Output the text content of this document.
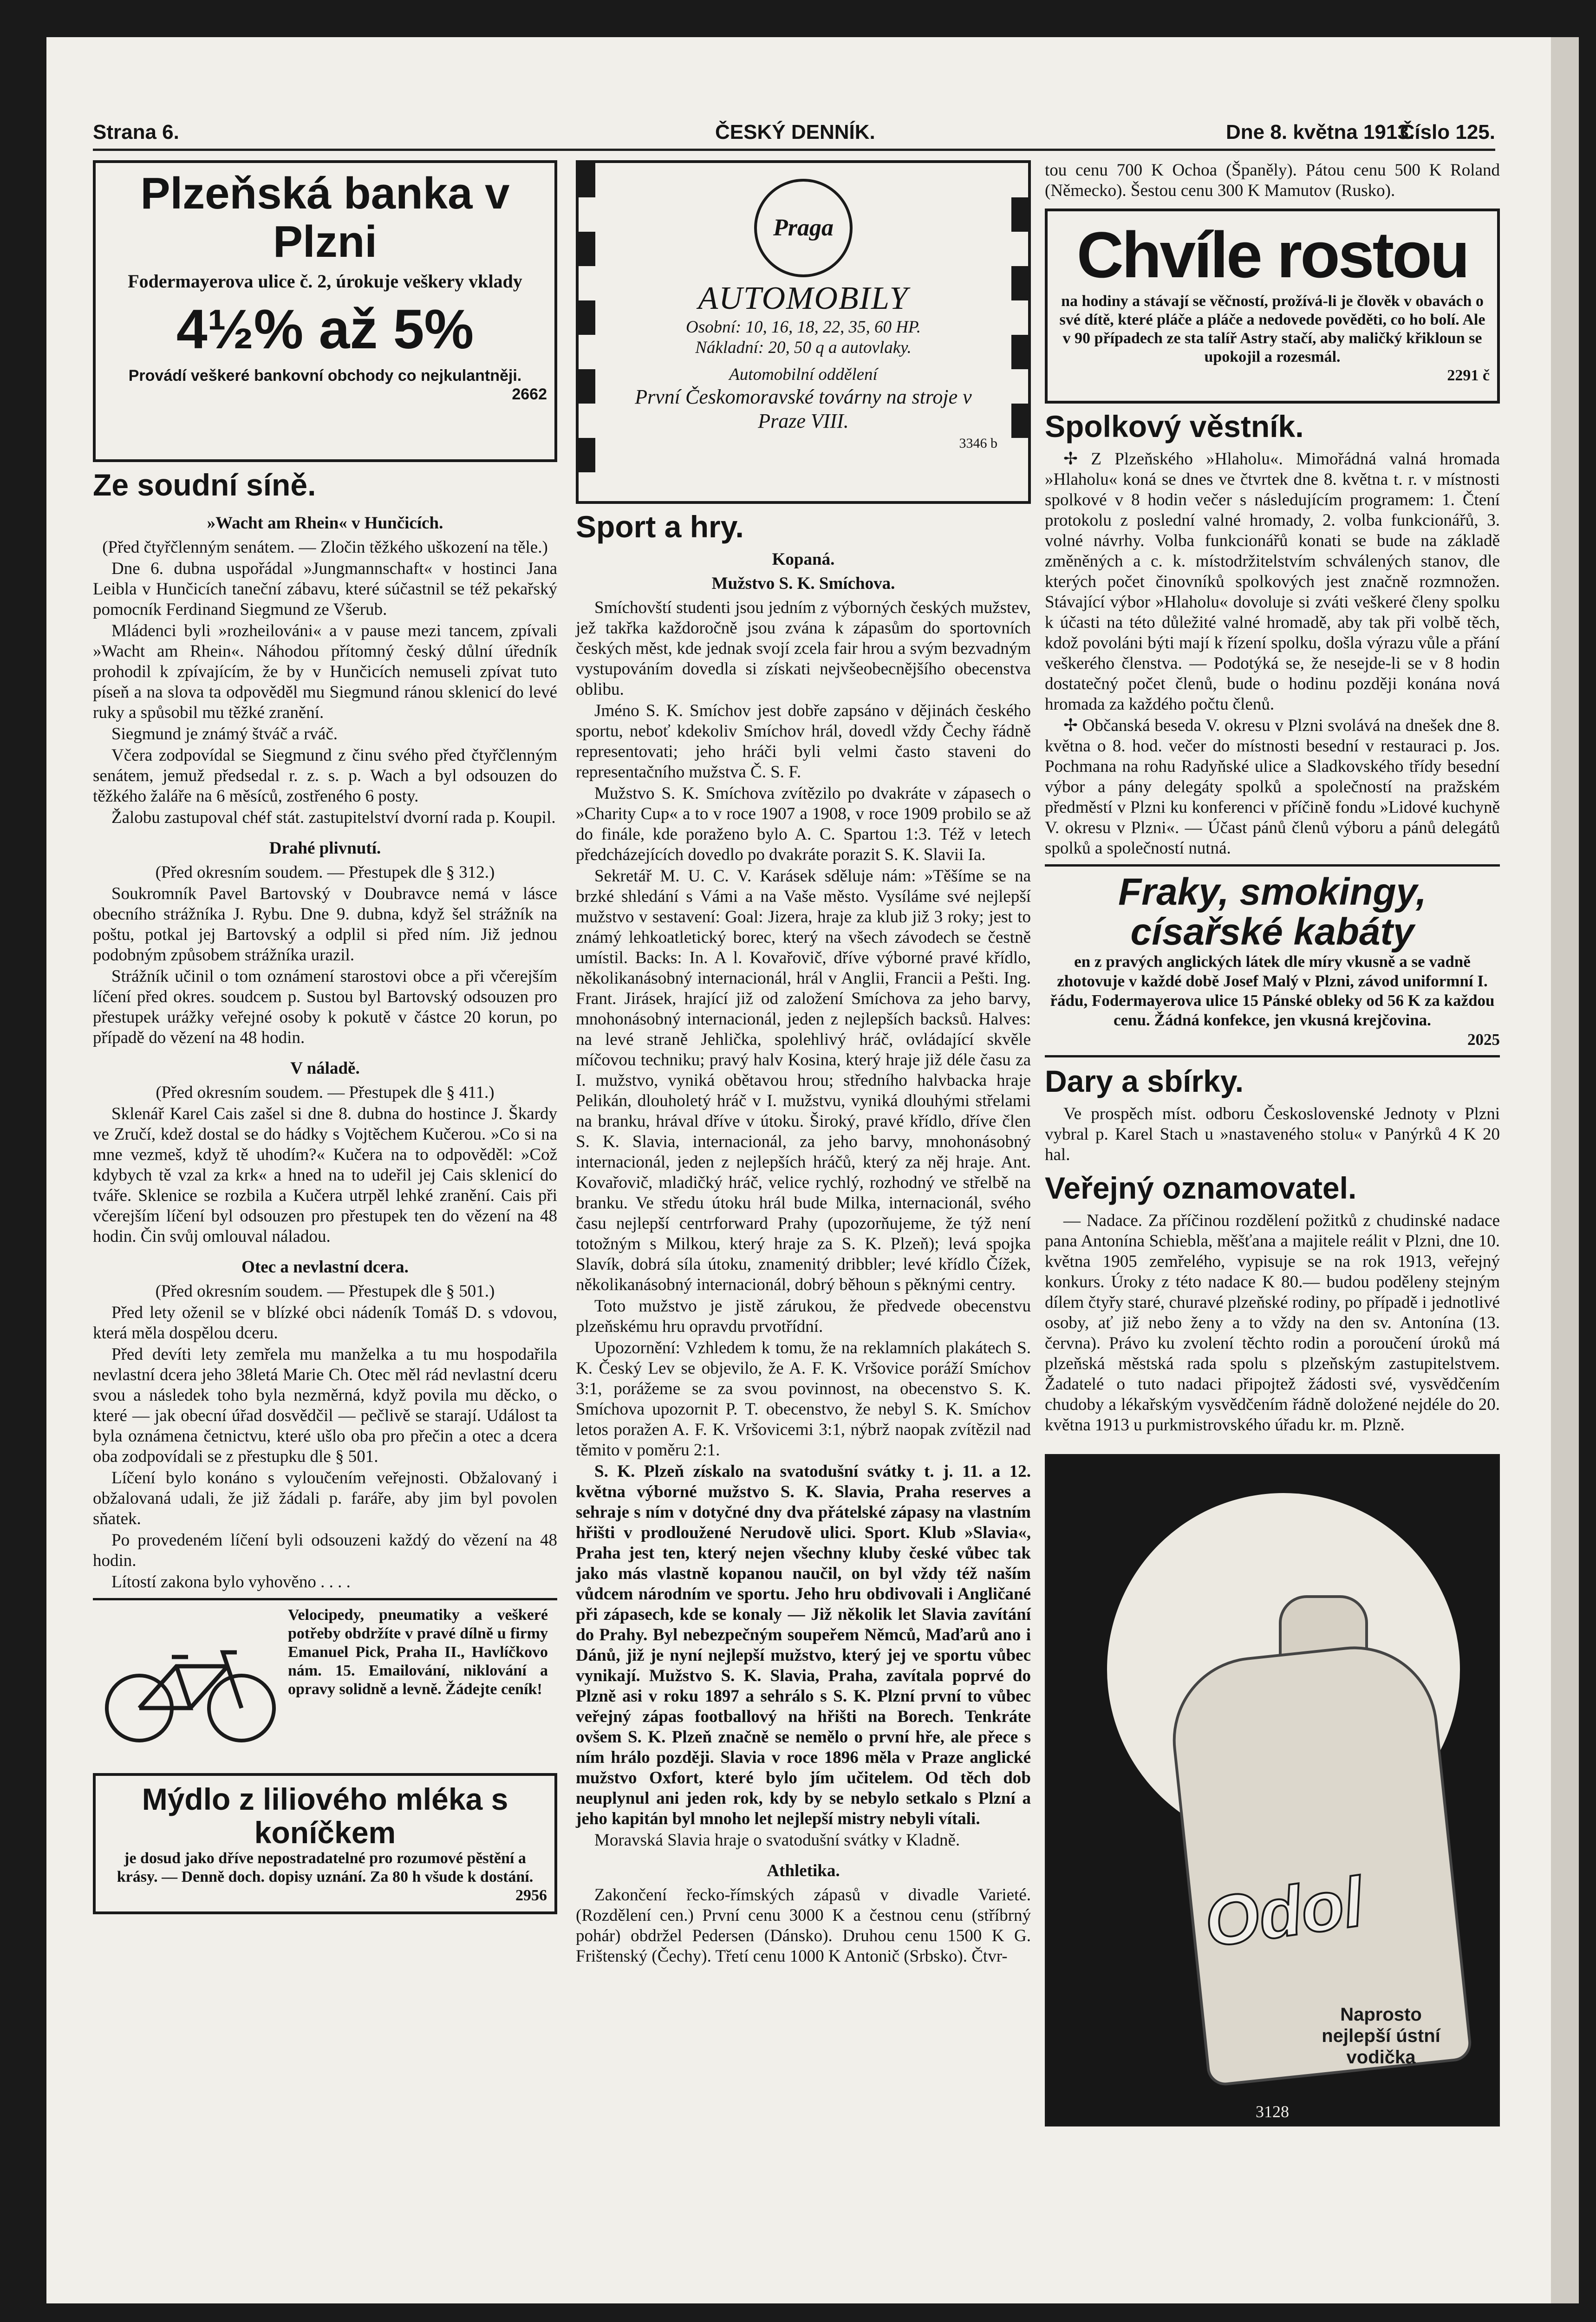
Strana 6.	ČESKÝ DENNÍK.	Dne 8. května 1913.
Číslo 125.
Plzeňská banka v Plzni
Fodermayerova ulice č. 2, úrokuje veškery vklady
4½% až 5%
Provádí veškeré bankovní obchody co nejkulantněji.
2662
Ze soudní síně.

»Wacht am Rhein« v Hunčicích.

(Před čtyřčlenným senátem. — Zločin těžkého uškození na těle.)

Dne 6. dubna uspořádal »Jungmannschaft« v hostinci Jana Leibla v Hunčicích taneční zábavu, které súčastnil se též pekařský pomocník Ferdinand Siegmund ze Všerub.

Mládenci byli »rozheilováni« a v pause mezi tancem, zpívali »Wacht am Rhein«. Náhodou přítomný český důlní úředník prohodil k zpívajícím, že by v Hunčicích nemuseli zpívat tuto píseň a na slova ta odpověděl mu Siegmund ránou sklenicí do levé ruky a spůsobil mu těžké zranění.

Siegmund je známý štváč a rváč.

Včera zodpovídal se Siegmund z činu svého před čtyřčlenným senátem, jemuž předsedal r. z. s. p. Wach a byl odsouzen do těžkého žaláře na 6 měsíců, zostřeného 6 posty.

Žalobu zastupoval chéf stát. zastupitelství dvorní rada p. Koupil.

Drahé plivnutí.

(Před okresním soudem. — Přestupek dle § 312.)

Soukromník Pavel Bartovský v Doubravce nemá v lásce obecního strážníka J. Rybu. Dne 9. dubna, když šel strážník na poštu, potkal jej Bartovský a odplil si před ním. Již jednou podobným způsobem strážníka urazil.

Strážník učinil o tom oznámení starostovi obce a při včerejším líčení před okres. soudcem p. Sustou byl Bartovský odsouzen pro přestupek urážky veřejné osoby k pokutě v částce 20 korun, po případě do vězení na 48 hodin.

V náladě.

(Před okresním soudem. — Přestupek dle § 411.)

Sklenář Karel Cais zašel si dne 8. dubna do hostince J. Škardy ve Zručí, kdež dostal se do hádky s Vojtěchem Kučerou. »Co si na mne vezmeš, když tě uhodím?« Kučera na to odpověděl: »Což kdybych tě vzal za krk« a hned na to udeřil jej Cais sklenicí do tváře. Sklenice se rozbila a Kučera utrpěl lehké zranění. Cais při včerejším líčení byl odsouzen pro přestupek ten do vězení na 48 hodin. Čin svůj omlouval náladou.

Otec a nevlastní dcera.

(Před okresním soudem. — Přestupek dle § 501.)

Před lety oženil se v blízké obci nádeník Tomáš D. s vdovou, která měla dospělou dceru.

Před devíti lety zemřela mu manželka a tu mu hospodařila nevlastní dcera jeho 38letá Marie Ch. Otec měl rád nevlastní dceru svou a následek toho byla nezměrná, když povila mu děcko, o které — jak obecní úřad dosvědčil — pečlivě se starají. Událost ta byla oznámena četnictvu, které ušlo oba pro přečin a otec a dcera oba zodpovídali se z přestupku dle § 501.

Líčení bylo konáno s vyloučením veřejnosti. Obžalovaný i obžalovaná udali, že již žádali p. faráře, aby jim byl povolen sňatek.

Po provedeném líčení byli odsouzeni každý do vězení na 48 hodin.

Lítostí zakona bylo vyhověno . . . .

Velocipedy, pneumatiky a veškeré potřeby obdržíte v pravé dílně u firmy Emanuel Pick, Praha II., Havlíčkovo nám. 15. Emailování, niklování a opravy solidně a levně. Žádejte ceník!
Mýdlo z liliového mléka s koníčkem
je dosud jako dříve nepostradatelné pro rozumové pěstění a krásy. — Denně doch. dopisy uznání. Za 80 h všude k dostání.
2956
Praga
AUTOMOBILY
Osobní: 10, 16, 18, 22, 35, 60 HP.
Nákladní: 20, 50 q a autovlaky.
Automobilní oddělení
První Českomoravské továrny na stroje v Praze VIII.
3346 b
Sport a hry.

Kopaná.

Mužstvo S. K. Smíchova.

Smíchovští studenti jsou jedním z výborných českých mužstev, jež takřka každoročně jsou zvána k zápasům do sportovních českých měst, kde jednak svojí zcela fair hrou a svým bezvadným vystupováním dovedla si získati nejvšeobecnějšího obecenstva oblibu.

Jméno S. K. Smíchov jest dobře zapsáno v dějinách českého sportu, neboť kdekoliv Smíchov hrál, dovedl vždy Čechy řádně representovati; jeho hráči byli velmi často staveni do representačního mužstva Č. S. F.

Mužstvo S. K. Smíchova zvítězilo po dvakráte v zápasech o »Charity Cup« a to v roce 1907 a 1908, v roce 1909 probilo se až do finále, kde poraženo bylo A. C. Spartou 1:3. Též v letech předcházejících dovedlo po dvakráte porazit S. K. Slavii Ia.

Sekretář M. U. C. V. Karásek sděluje nám: »Těšíme se na brzké shledání s Vámi a na Vaše město. Vysíláme své nejlepší mužstvo v sestavení: Goal: Jizera, hraje za klub již 3 roky; jest to známý lehkoatletický borec, který na všech závodech se čestně umístil. Backs: In. A l. Kovařovič, dříve výborné pravé křídlo, několikanásobný internacionál, hrál v Anglii, Francii a Pešti. Ing. Frant. Jirásek, hrající již od založení Smíchova za jeho barvy, mnohonásobný internacionál, jeden z nejlepších backsů. Halves: na levé straně Jehlička, spolehlivý hráč, ovládající skvěle míčovou techniku; pravý halv Kosina, který hraje již déle času za I. mužstvo, vyniká obětavou hrou; středního halvbacka hraje Pelikán, dlouholetý hráč v I. mužstvu, vyniká dlouhými střelami na branku, hrával dříve v útoku. Široký, pravé křídlo, dříve člen S. K. Slavia, internacionál, za jeho barvy, mnohonásobný internacionál, jeden z nejlepších hráčů, který za něj hraje. Ant. Kovařovič, mladičký hráč, velice rychlý, rozhodný ve střelbě na branku. Ve středu útoku hrál bude Milka, internacionál, svého času nejlepší centrforward Prahy (upozorňujeme, že týž není totožným s Milkou, který hraje za S. K. Plzeň); levá spojka Slavík, dobrá síla útoku, znamenitý dribbler; levé křídlo Čížek, několikanásobný internacionál, dobrý běhoun s pěknými centry.

Toto mužstvo je jistě zárukou, že předvede obecenstvu plzeňskému hru opravdu prvotřídní.

Upozornění: Vzhledem k tomu, že na reklamních plakátech S. K. Český Lev se objevilo, že A. F. K. Vršovice poráží Smíchov 3:1, porážeme se za svou povinnost, na obecenstvo S. K. Smíchova upozornit P. T. obecenstvo, že nebyl S. K. Smíchov letos poražen A. F. K. Vršovicemi 3:1, nýbrž naopak zvítězil nad těmito v poměru 2:1.

S. K. Plzeň získalo na svatodušní svátky t. j. 11. a 12. května výborné mužstvo S. K. Slavia, Praha reserves a sehraje s ním v dotyčné dny dva přátelské zápasy na vlastním hřišti v prodloužené Nerudově ulici. Sport. Klub »Slavia«, Praha jest ten, který nejen všechny kluby české vůbec tak jako más vlastně kopanou naučil, on byl vždy též naším vůdcem národním ve sportu. Jeho hru obdivovali i Angličané při zápasech, kde se konaly — Již několik let Slavia zavítání do Prahy. Byl nebezpečným soupeřem Němců, Maďarů ano i Dánů, již je nyní nejlepší mužstvo, který jej ve sportu vůbec vynikají. Mužstvo S. K. Slavia, Praha, zavítala poprvé do Plzně asi v roku 1897 a sehrálo s S. K. Plzní první to vůbec veřejný zápas footballový na hřišti na Borech. Tenkráte ovšem S. K. Plzeň značně se nemělo o první hře, ale přece s ním hrálo později. Slavia v roce 1896 měla v Praze anglické mužstvo Oxfort, které bylo jím učitelem. Od těch dob neuplynul ani jeden rok, kdy by se nebylo setkalo s Plzní a jeho kapitán byl mnoho let nejlepší mistry nebyli vítali.

Moravská Slavia hraje o svatodušní svátky v Kladně.

Athletika.

Zakončení řecko-římských zápasů v divadle Varieté. (Rozdělení cen.) První cenu 3000 K a čestnou cenu (stříbrný pohár) obdržel Pedersen (Dánsko). Druhou cenu 1500 K G. Frištenský (Čechy). Třetí cenu 1000 K Antonič (Srbsko). Čtvr-

tou cenu 700 K Ochoa (Španěly). Pátou cenu 500 K Roland (Německo). Šestou cenu 300 K Mamutov (Rusko).

Chvíle rostou
na hodiny a stávají se věčností, prožívá-li je člověk v obavách o své dítě, které pláče a pláče a nedovede pověděti, co ho bolí. Ale v 90 případech ze sta talíř Astry stačí, aby maličký křikloun se upokojil a rozesmál.
2291 č
Spolkový věstník.

✢ Z Plzeňského »Hlaholu«. Mimořádná valná hromada »Hlaholu« koná se dnes ve čtvrtek dne 8. května t. r. v místnosti spolkové v 8 hodin večer s následujícím programem: 1. Čtení protokolu z poslední valné hromady, 2. volba funkcionářů, 3. volné návrhy. Volba funkcionářů konati se bude na základě změněných a c. k. místodržitelstvím schválených stanov, dle kterých počet činovníků spolkových jest značně rozmnožen. Stávající výbor »Hlaholu« dovoluje si zváti veškeré členy spolku k účasti na této důležité valné hromadě, aby tak při volbě těch, kdož povoláni býti mají k řízení spolku, došla výrazu vůle a přání veškerého členstva. — Podotýká se, že nesejde-li se v 8 hodin dostatečný počet členů, bude o hodinu později konána nová hromada za každého počtu členů.

✢ Občanská beseda V. okresu v Plzni svolává na dnešek dne 8. května o 8. hod. večer do místnosti besední v restauraci p. Jos. Pochmana na rohu Radyňské ulice a Sladkovského třídy besední výbor a pány delegáty spolků a společností na pražském předměstí v Plzni ku konferenci v příčině fondu »Lidové kuchyně V. okresu v Plzni«. — Účast pánů členů výboru a pánů delegátů spolků a společností nutná.

Fraky, smokingy, císařské kabáty
en z pravých anglických látek dle míry vkusně a se vadně zhotovuje v každé době Josef Malý v Plzni, závod uniformní I. řádu, Fodermayerova ulice 15 Pánské obleky od 56 K za každou cenu. Žádná konfekce, jen vkusná krejčovina.
2025
Dary a sbírky.

Ve prospěch míst. odboru Československé Jednoty v Plzni vybral p. Karel Stach u »nastaveného stolu« v Panýrků 4 K 20 hal.

Veřejný oznamovatel.

— Nadace. Za příčinou rozdělení požitků z chudinské nadace pana Antonína Schiebla, měšťana a majitele reálit v Plzni, dne 10. května 1905 zemřelého, vypisuje se na rok 1913, veřejný konkurs. Úroky z této nadace K 80.— budou poděleny stejným dílem čtyřy staré, churavé plzeňské rodiny, po případě i jednotlivé osoby, ať již nebo ženy a to vždy na den sv. Antonína (13. června). Právo ku zvolení těchto rodin a poroučení úroků má plzeňská městská rada spolu s plzeňským zastupitelstvem. Žadatelé o tuto nadaci připojtež žádosti své, vysvědčením chudoby a lékařským vysvědčením řádně doložené nejdéle do 20. května 1913 u purkmistrovského úřadu kr. m. Plzně.

Odol
Naprosto nejlepší ústní vodička
3128
